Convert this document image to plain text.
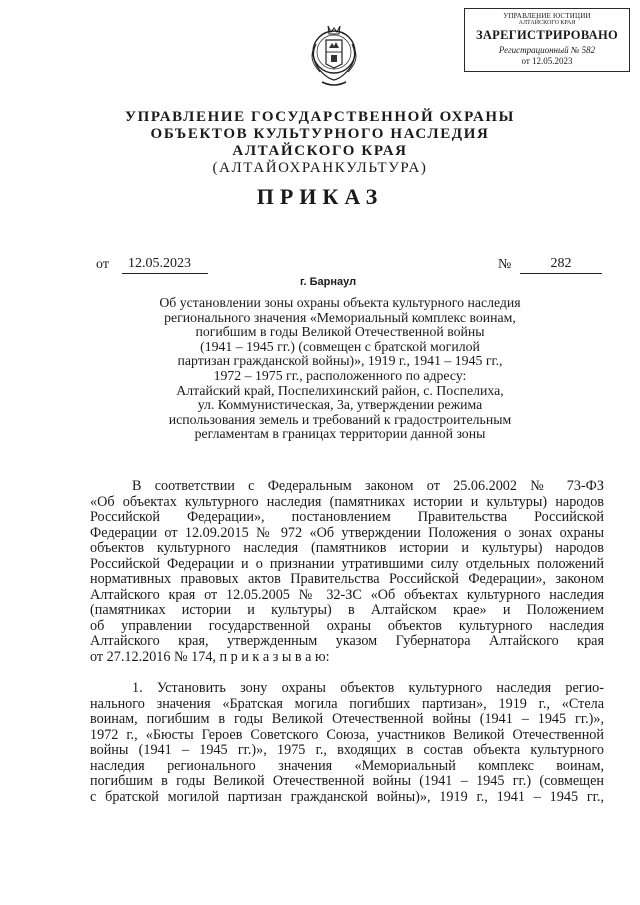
УПРАВЛЕНИЕ ЮСТИЦИИ
АЛТАЙСКОГО КРАЯ
ЗАРЕГИСТРИРОВАНО
Регистрационный № 582
от 12.05.2023
УПРАВЛЕНИЕ ГОСУДАРСТВЕННОЙ ОХРАНЫ
ОБЪЕКТОВ КУЛЬТУРНОГО НАСЛЕДИЯ
АЛТАЙСКОГО КРАЯ
(АЛТАЙОХРАНКУЛЬТУРА)
ПРИКАЗ
от	12.05.2023	№	282
г. Барнаул
Об установлении зоны охраны объекта культурного наследия
регионального значения «Мемориальный комплекс воинам,
погибшим в годы Великой Отечественной войны
(1941 – 1945 гг.) (совмещен с братской могилой
партизан гражданской войны)», 1919 г., 1941 – 1945 гг.,
1972 – 1975 гг., расположенного по адресу:
Алтайский край, Поспелихинский район, с. Поспелиха,
ул. Коммунистическая, 3а, утверждении режима
использования земель и требований к градостроительным
регламентам в границах территории данной зоны
В соответствии с Федеральным законом от 25.06.2002 № 73-ФЗ
«Об объектах культурного наследия (памятниках истории и культуры) народов
Российской Федерации», постановлением Правительства Российской
Федерации от 12.09.2015 № 972 «Об утверждении Положения о зонах охраны
объектов культурного наследия (памятников истории и культуры) народов
Российской Федерации и о признании утратившими силу отдельных положений
нормативных правовых актов Правительства Российской Федерации», законом
Алтайского края от 12.05.2005 № 32-ЗС «Об объектах культурного наследия
(памятниках истории и культуры) в Алтайском крае» и Положением
об управлении государственной охраны объектов культурного наследия
Алтайского края, утвержденным указом Губернатора Алтайского края
от 27.12.2016 № 174, п р и к а з ы в а ю:
1. Установить зону охраны объектов культурного наследия регио-
нального значения «Братская могила погибших партизан», 1919 г., «Стела
воинам, погибшим в годы Великой Отечественной войны (1941 – 1945 гг.)»,
1972 г., «Бюсты Героев Советского Союза, участников Великой Отечественной
войны (1941 – 1945 гг.)», 1975 г., входящих в состав объекта культурного
наследия регионального значения «Мемориальный комплекс воинам,
погибшим в годы Великой Отечественной войны (1941 – 1945 гг.) (совмещен
с братской могилой партизан гражданской войны)», 1919 г., 1941 – 1945 гг.,
